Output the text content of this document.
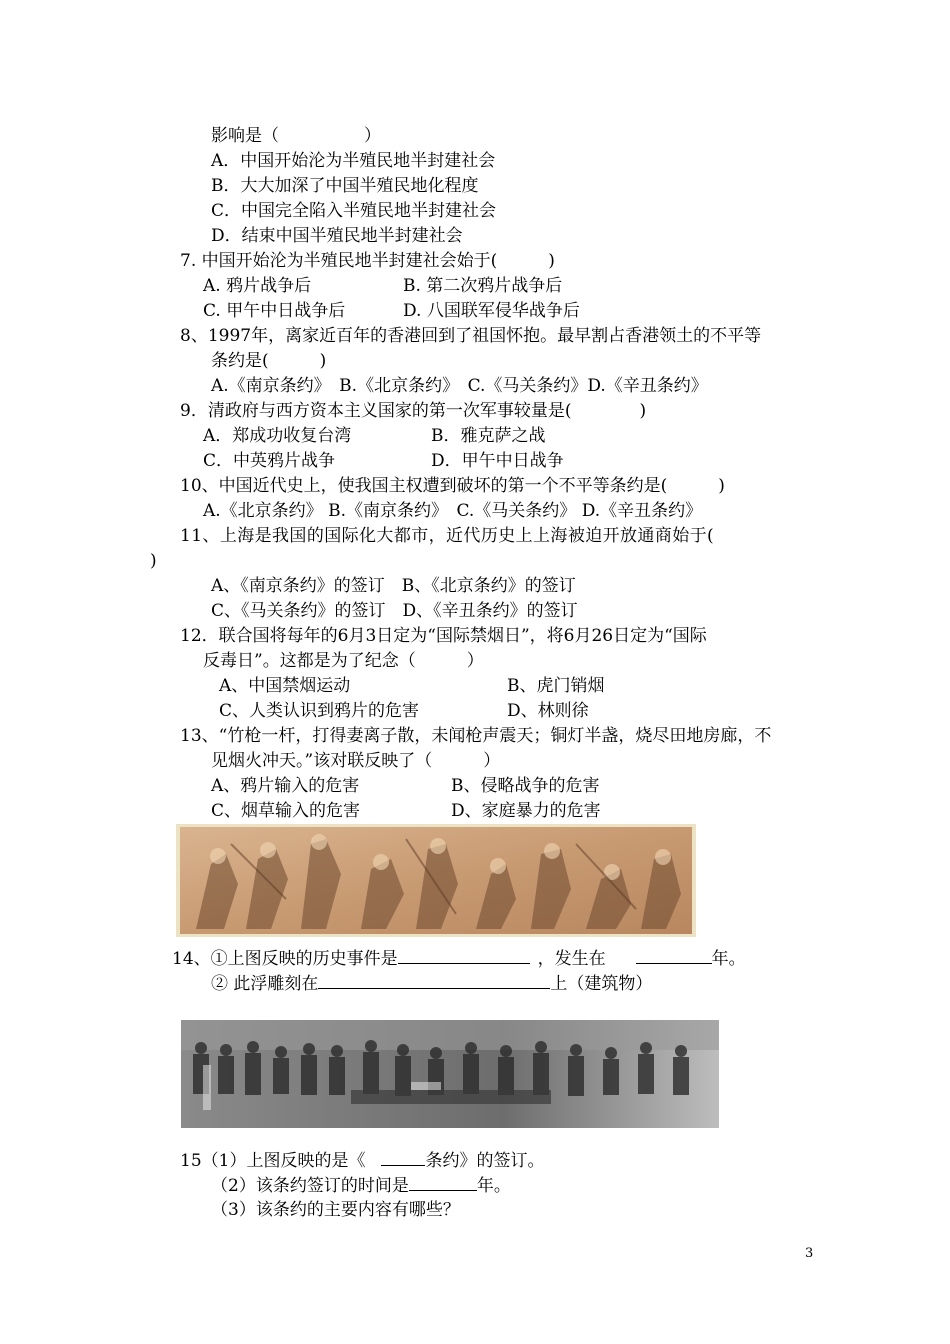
影响是（　　　　　）
A．中国开始沦为半殖民地半封建社会
B．大大加深了中国半殖民地化程度
C．中国完全陷入半殖民地半封建社会
D．结束中国半殖民地半封建社会
7. 中国开始沦为半殖民地半封建社会始于(　　　)
A. 鸦片战争后	B. 第二次鸦片战争后
C. 甲午中日战争后	D. 八国联军侵华战争后
8、1997年，离家近百年的香港回到了祖国怀抱。最早割占香港领土的不平等
条约是(　　　)
A.《南京条约》　B.《北京条约》　C.《马关条约》D.《辛丑条约》
9．清政府与西方资本主义国家的第一次军事较量是(　　　　)
A．郑成功收复台湾	B．雅克萨之战
C．中英鸦片战争	D．甲午中日战争
10、中国近代史上，使我国主权遭到破坏的第一个不平等条约是(　　　)
A.《北京条约》 B.《南京条约》　C.《马关条约》 D.《辛丑条约》
11、上海是我国的国际化大都市，近代历史上上海被迫开放通商始于(
)
A、《南京条约》的签订　B、《北京条约》的签订
C、《马关条约》的签订　D、《辛丑条约》的签订
12．联合国将每年的6月3日定为“国际禁烟日”，将6月26日定为“国际
反毒日”。这都是为了纪念（　　　）
A、中国禁烟运动	B、虎门销烟
C、人类认识到鸦片的危害	D、林则徐
13、“竹枪一杆，打得妻离子散，未闻枪声震天；铜灯半盏，烧尽田地房廊，不
见烟火冲天。”该对联反映了（　　　）
A、鸦片输入的危害	B、侵略战争的危害
C、烟草输入的危害	D、家庭暴力的危害
14、①上图反映的历史事件是	，发生在	年。
② 此浮雕刻在	上（建筑物）
15（1）上图反映的是《	条约》的签订。
（2）该条约签订的时间是	年。
（3）该条约的主要内容有哪些？
3
